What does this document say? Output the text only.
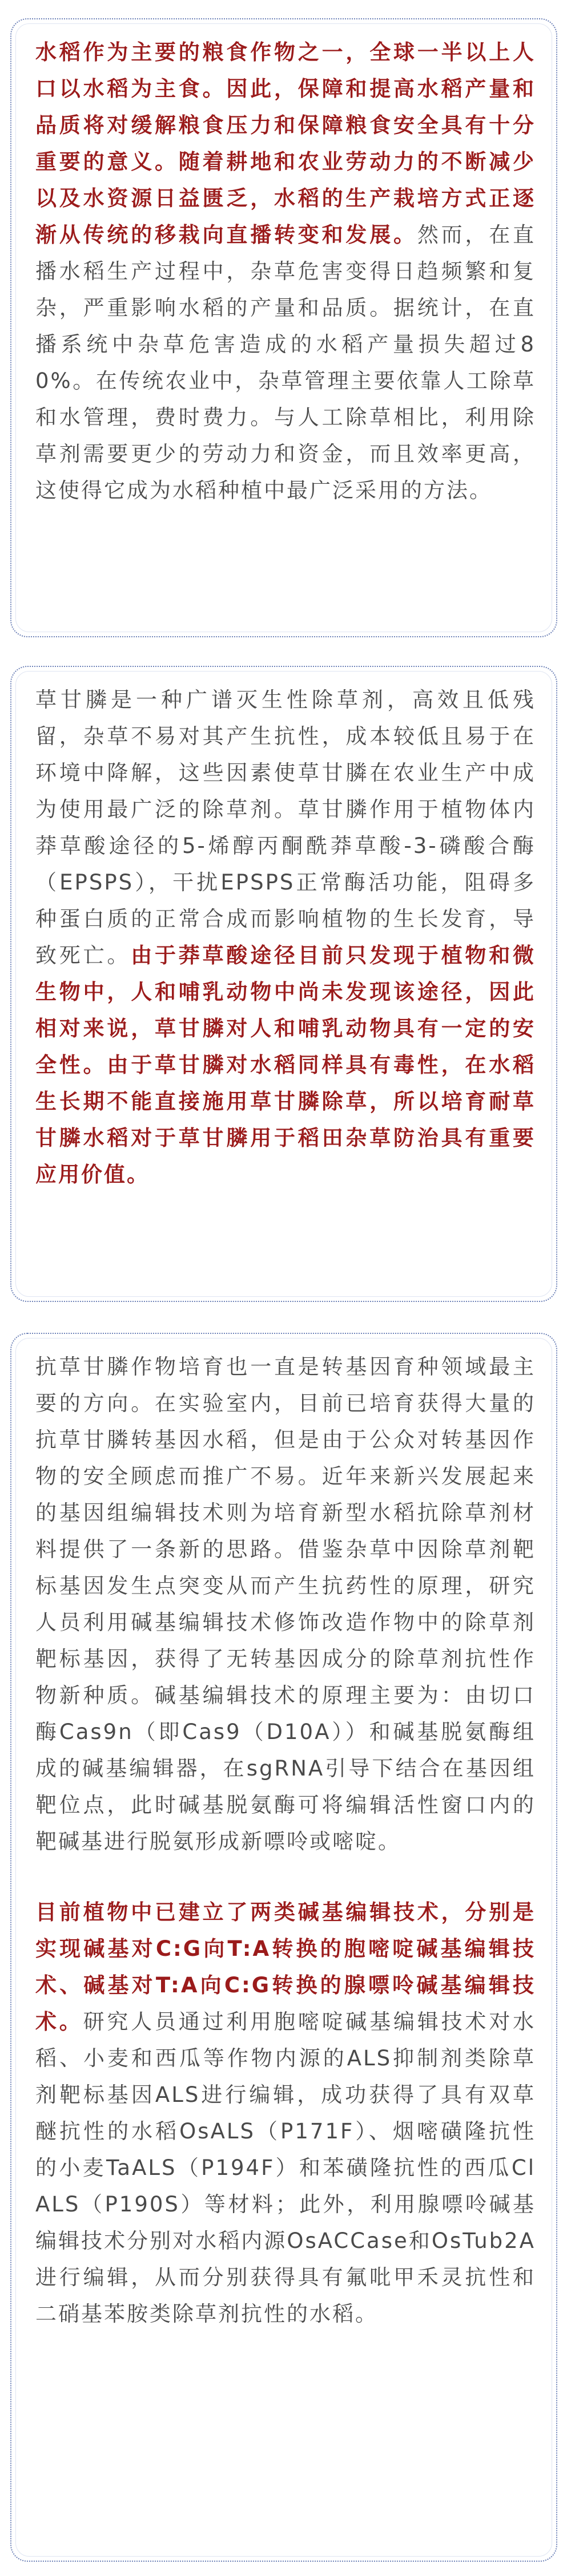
水稻作为主要的粮食作物之一，全球一半以上人口以水稻为主食。因此，保障和提高水稻产量和品质将对缓解粮食压力和保障粮食安全具有十分重要的意义。随着耕地和农业劳动力的不断减少以及水资源日益匮乏，水稻的生产栽培方式正逐渐从传统的移栽向直播转变和发展。然而，在直播水稻生产过程中，杂草危害变得日趋频繁和复杂，严重影响水稻的产量和品质。据统计，在直播系统中杂草危害造成的水稻产量损失超过80%。在传统农业中，杂草管理主要依靠人工除草和水管理，费时费力。与人工除草相比，利用除草剂需要更少的劳动力和资金，而且效率更高，这使得它成为水稻种植中最广泛采用的方法。

草甘膦是一种广谱灭生性除草剂，高效且低残留，杂草不易对其产生抗性，成本较低且易于在环境中降解，这些因素使草甘膦在农业生产中成为使用最广泛的除草剂。草甘膦作用于植物体内莽草酸途径的5-烯醇丙酮酰莽草酸-3-磷酸合酶（EPSPS），干扰EPSPS正常酶活功能，阻碍多种蛋白质的正常合成而影响植物的生长发育，导致死亡。由于莽草酸途径目前只发现于植物和微生物中，人和哺乳动物中尚未发现该途径，因此相对来说，草甘膦对人和哺乳动物具有一定的安全性。由于草甘膦对水稻同样具有毒性，在水稻生长期不能直接施用草甘膦除草，所以培育耐草甘膦水稻对于草甘膦用于稻田杂草防治具有重要应用价值。

抗草甘膦作物培育也一直是转基因育种领域最主要的方向。在实验室内，目前已培育获得大量的抗草甘膦转基因水稻，但是由于公众对转基因作物的安全顾虑而推广不易。近年来新兴发展起来的基因组编辑技术则为培育新型水稻抗除草剂材料提供了一条新的思路。借鉴杂草中因除草剂靶标基因发生点突变从而产生抗药性的原理，研究人员利用碱基编辑技术修饰改造作物中的除草剂靶标基因，获得了无转基因成分的除草剂抗性作物新种质。碱基编辑技术的原理主要为：由切口酶Cas9n（即Cas9（D10A））和碱基脱氨酶组成的碱基编辑器，在sgRNA引导下结合在基因组靶位点，此时碱基脱氨酶可将编辑活性窗口内的靶碱基进行脱氨形成新嘌呤或嘧啶。

目前植物中已建立了两类碱基编辑技术，分别是实现碱基对C:G向T:A转换的胞嘧啶碱基编辑技术、碱基对T:A向C:G转换的腺嘌呤碱基编辑技术。研究人员通过利用胞嘧啶碱基编辑技术对水稻、小麦和西瓜等作物内源的ALS抑制剂类除草剂靶标基因ALS进行编辑，成功获得了具有双草醚抗性的水稻OsALS（P171F）、烟嘧磺隆抗性的小麦TaALS（P194F）和苯磺隆抗性的西瓜ClALS（P190S）等材料；此外，利用腺嘌呤碱基编辑技术分别对水稻内源OsACCase和OsTub2A进行编辑，从而分别获得具有氟吡甲禾灵抗性和二硝基苯胺类除草剂抗性的水稻。
